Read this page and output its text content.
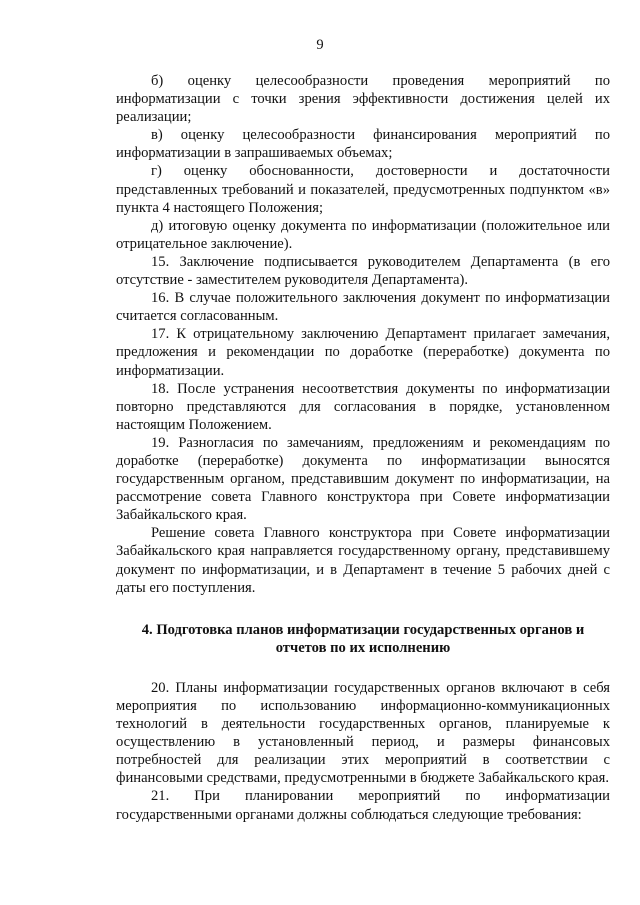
9

б) оценку целесообразности проведения мероприятий по информатизации с точки зрения эффективности достижения целей их реализации;

в) оценку целесообразности финансирования мероприятий по информатизации в запрашиваемых объемах;

г) оценку обоснованности, достоверности и достаточности представленных требований и показателей, предусмотренных подпунктом «в» пункта 4 настоящего Положения;

д) итоговую оценку документа по информатизации (положительное или отрицательное заключение).

15. Заключение подписывается руководителем Департамента (в его отсутствие - заместителем руководителя Департамента).

16. В случае положительного заключения документ по информатизации считается согласованным.

17. К отрицательному заключению Департамент прилагает замечания, предложения и рекомендации по доработке (переработке) документа по информатизации.

18. После устранения несоответствия документы по информатизации повторно представляются для согласования в порядке, установленном настоящим Положением.

19. Разногласия по замечаниям, предложениям и рекомендациям по доработке (переработке) документа по информатизации выносятся государственным органом, представившим документ по информатизации, на рассмотрение совета Главного конструктора при Совете информатизации Забайкальского края.

Решение совета Главного конструктора при Совете информатизации Забайкальского края направляется государственному органу, представившему документ по информатизации, и в Департамент в течение 5 рабочих дней с даты его поступления.

4. Подготовка планов информатизации государственных органов и
отчетов по их исполнению

20. Планы информатизации государственных органов включают в себя мероприятия по использованию информационно-коммуникационных технологий в деятельности государственных органов, планируемые к осуществлению в установленный период, и размеры финансовых потребностей для реализации этих мероприятий в соответствии с финансовыми средствами, предусмотренными в бюджете Забайкальского края.

21. При планировании мероприятий по информатизации государственными органами должны соблюдаться следующие требования:
